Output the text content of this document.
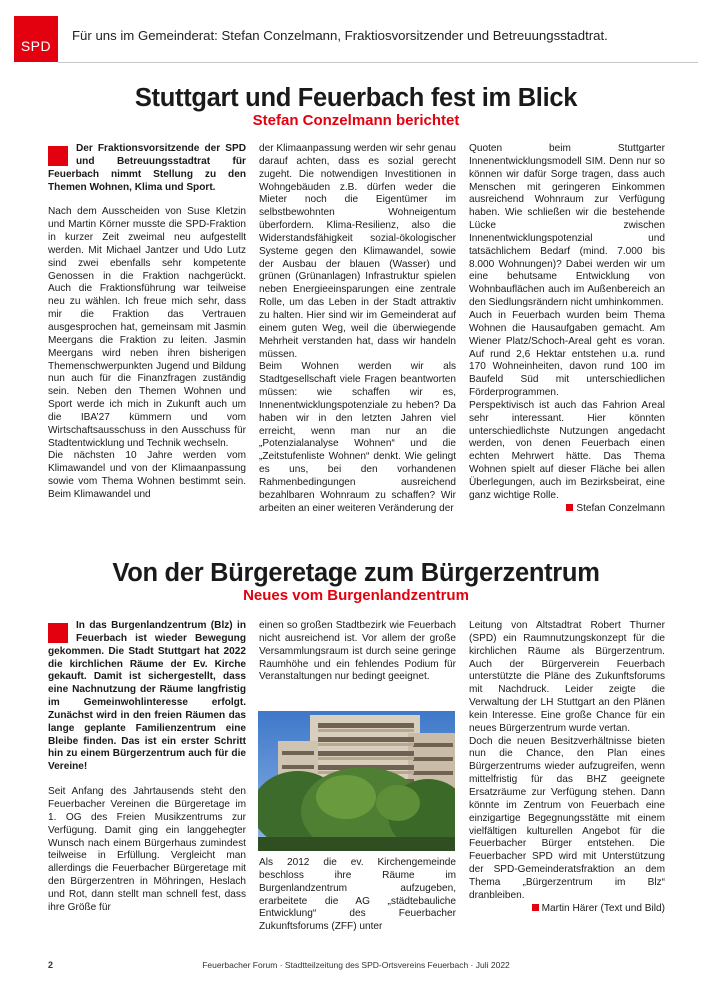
SPD
Für uns im Gemeinderat: Stefan Conzelmann, Fraktiosvorsitzender und Betreuungsstadtrat.
Stuttgart und Feuerbach fest im Blick
Stefan Conzelmann berichtet

Der Fraktionsvorsitzende der SPD und Betreuungsstadtrat für Feuerbach nimmt Stellung zu den Themen Wohnen, Klima und Sport.

Nach dem Ausscheiden von Suse Kletzin und Martin Körner musste die SPD-Fraktion in kurzer Zeit zweimal neu aufgestellt werden. Mit Michael Jantzer und Udo Lutz sind zwei ebenfalls sehr kompetente Genossen in die Fraktion nachgerückt. Auch die Fraktionsführung war teilweise neu zu wählen. Ich freue mich sehr, dass mir die Fraktion das Vertrauen ausgesprochen hat, gemeinsam mit Jasmin Meergans die Fraktion zu leiten. Jasmin Meergans wird neben ihren bisherigen Themenschwerpunkten Jugend und Bildung nun auch für die Finanzfragen zuständig sein. Neben den Themen Wohnen und Sport werde ich mich in Zukunft auch um die IBA’27 kümmern und vom Wirtschaftsausschuss in den Ausschuss für Stadtentwicklung und Technik wechseln.

Die nächsten 10 Jahre werden vom Klimawandel und von der Klimaanpassung sowie vom Thema Wohnen bestimmt sein. Beim Klimawandel und

der Klimaanpassung werden wir sehr genau darauf achten, dass es sozial gerecht zugeht. Die notwendigen Investitionen in Wohngebäuden z.B. dürfen weder die Mieter noch die Eigentümer im selbstbewohnten Wohneigentum überfordern. Klima-Resilienz, also die Widerstandsfähigkeit sozial-ökologischer Systeme gegen den Klimawandel, sowie der Ausbau der blauen (Wasser) und grünen (Grünanlagen) Infrastruktur spielen neben Energieeinsparungen eine zentrale Rolle, um das Leben in der Stadt attraktiv zu halten. Hier sind wir im Gemeinderat auf einem guten Weg, weil die überwiegende Mehrheit verstanden hat, dass wir handeln müssen.

Beim Wohnen werden wir als Stadtgesellschaft viele Fragen beantworten müssen: wie schaffen wir es, Innenentwicklungspotenziale zu heben? Da haben wir in den letzten Jahren viel erreicht, wenn man nur an die „Potenzialanalyse Wohnen“ und die „Zeitstufenliste Wohnen“ denkt. Wie gelingt es uns, bei den vorhandenen Rahmenbedingungen ausreichend bezahlbaren Wohnraum zu schaffen? Wir arbeiten an einer weiteren Veränderung der

Quoten beim Stuttgarter Innenentwicklungsmodell SIM. Denn nur so können wir dafür Sorge tragen, dass auch Menschen mit geringeren Einkommen ausreichend Wohnraum zur Verfügung haben. Wie schließen wir die bestehende Lücke zwischen Innenentwicklungspotenzial und tatsächlichem Bedarf (mind. 7.000 bis 8.000 Wohnungen)? Dabei werden wir um eine behutsame Entwicklung von Wohnbauflächen auch im Außenbereich an den Siedlungsrändern nicht umhinkommen.

Auch in Feuerbach wurden beim Thema Wohnen die Hausaufgaben gemacht. Am Wiener Platz/Schoch-Areal geht es voran. Auf rund 2,6 Hektar entstehen u.a. rund 170 Wohneinheiten, davon rund 100 im Baufeld Süd mit unterschiedlichen Förderprogrammen.

Perspektivisch ist auch das Fahrion Areal sehr interessant. Hier könnten unterschiedlichste Nutzungen angedacht werden, von denen Feuerbach einen echten Mehrwert hätte. Das Thema Wohnen spielt auf dieser Fläche bei allen Überlegungen, auch im Bezirksbeirat, eine ganz wichtige Rolle.

Stefan Conzelmann

Von der Bürgeretage zum Bürgerzentrum
Neues vom Burgenlandzentrum

In das Burgenlandzentrum (Blz) in Feuerbach ist wieder Bewegung gekommen. Die Stadt Stuttgart hat 2022 die kirchlichen Räume der Ev. Kirche gekauft. Damit ist sichergestellt, dass eine Nachnutzung der Räume langfristig im Gemeinwohlinteresse erfolgt. Zunächst wird in den freien Räumen das lange geplante Familienzentrum eine Bleibe finden. Das ist ein erster Schritt hin zu einem Bürgerzentrum auch für die Vereine!

Seit Anfang des Jahrtausends steht den Feuerbacher Vereinen die Bürgeretage im 1. OG des Freien Musikzentrums zur Verfügung. Damit ging ein langgehegter Wunsch nach einem Bürgerhaus zumindest teilweise in Erfüllung. Vergleicht man allerdings die Feuerbacher Bürgeretage mit den Bürgerzentren in Möhringen, Heslach und Rot, dann stellt man schnell fest, dass ihre Größe für

einen so großen Stadtbezirk wie Feuerbach nicht ausreichend ist. Vor allem der große Versammlungsraum ist durch seine geringe Raumhöhe und ein fehlendes Podium für Veranstaltungen nur bedingt geeignet.

Als 2012 die ev. Kirchengemeinde beschloss ihre Räume im Burgenlandzentrum aufzugeben, erarbeitete die AG „städtebauliche Entwicklung“ des Feuerbacher Zukunftsforums (ZFF) unter

Leitung von Altstadtrat Robert Thurner (SPD) ein Raumnutzungskonzept für die kirchlichen Räume als Bürgerzentrum. Auch der Bürgerverein Feuerbach unterstützte die Pläne des Zukunftsforums mit Nachdruck. Leider zeigte die Verwaltung der LH Stuttgart an den Plänen kein Interesse. Eine große Chance für ein neues Bürgerzentrum wurde vertan.

Doch die neuen Besitzverhältnisse bieten nun die Chance, den Plan eines Bürgerzentrums wieder aufzugreifen, wenn mittelfristig für das BHZ geeignete Ersatzräume zur Verfügung stehen. Dann könnte im Zentrum von Feuerbach eine einzigartige Begegnungsstätte mit einem vielfältigen kulturellen Angebot für die Feuerbacher Bürger entstehen. Die Feuerbacher SPD wird mit Unterstützung der SPD-Gemeinderatsfraktion an dem Thema „Bürgerzentrum im Blz“ dranbleiben.

Martin Härer (Text und Bild)

2	Feuerbacher Forum · Stadtteilzeitung des SPD-Ortsvereins Feuerbach · Juli 2022
